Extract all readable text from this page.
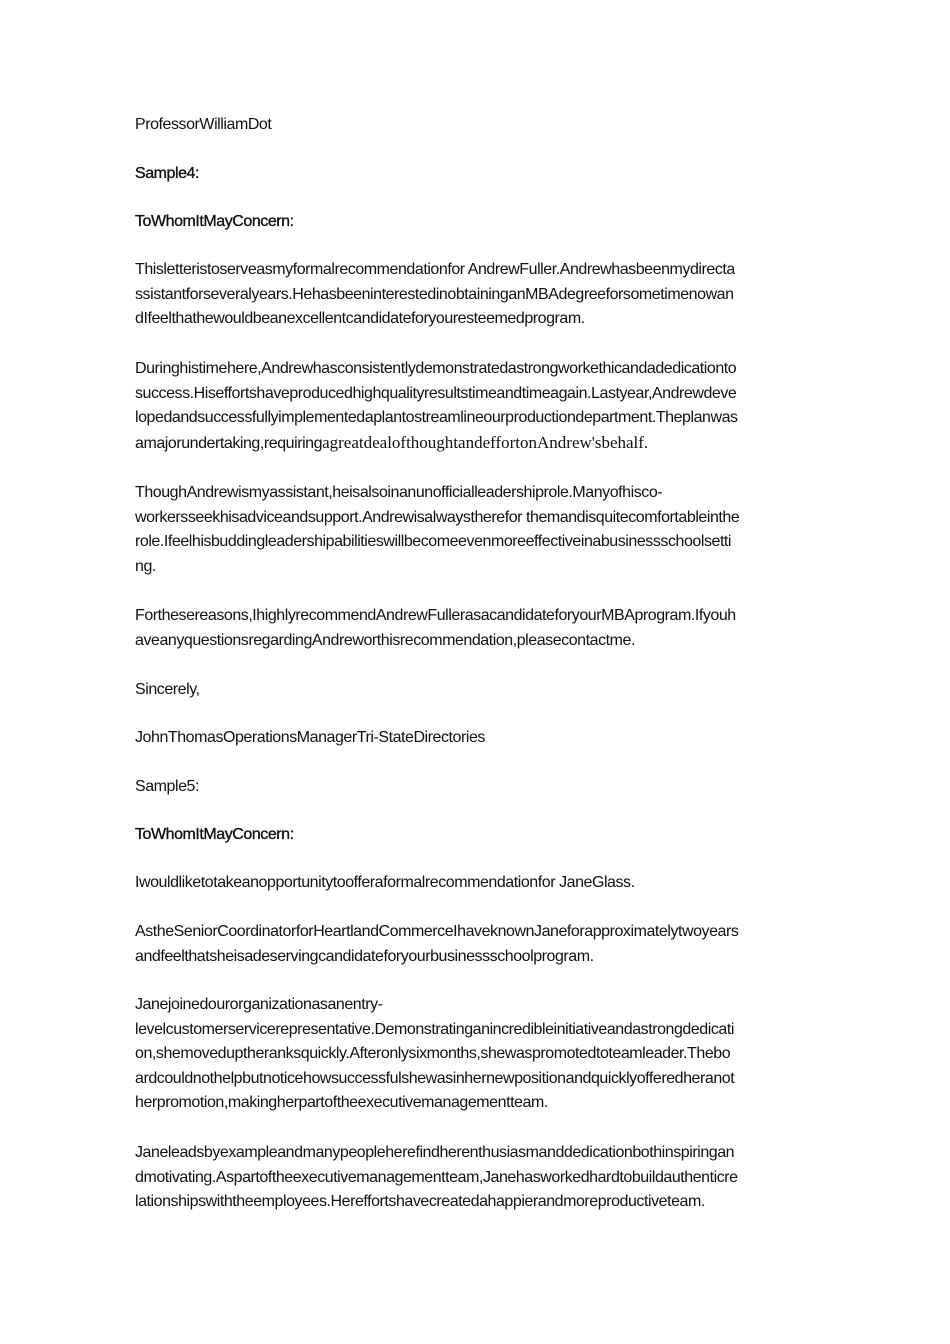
ProfessorWilliamDot

Sample4:

ToWhomItMayConcern:

Thisletteristoserveasmyformalrecommendationfor AndrewFuller.Andrewhasbeenmydirecta
ssistantforseveralyears.HehasbeeninterestedinobtaininganMBAdegreeforsometimenowan
dIfeelthathewouldbeanexcellentcandidateforyouresteemedprogram.
Duringhistimehere,Andrewhasconsistentlydemonstratedastrongworkethicandadedicationto
success.Hiseffortshaveproducedhighqualityresultstimeandtimeagain.Lastyear,Andrewdeve
lopedandsuccessfullyimplementedaplantostreamlineourproductiondepartment.Theplanwas
amajorundertaking,requiringagreatdealofthoughtandeffortonAndrew'sbehalf.
ThoughAndrewismyassistant,heisalsoinanunofficialleadershiprole.Manyofhisco-
workersseekhisadviceandsupport.Andrewisalwaystherefor themandisquitecomfortableinthe
role.Ifeelhisbuddingleadershipabilitieswillbecomeevenmoreeffectiveinabusinessschoolsetti
ng.
Forthesereasons,IhighlyrecommendAndrewFullerasacandidateforyourMBAprogram.Ifyouh
aveanyquestionsregardingAndreworthisrecommendation,pleasecontactme.

Sincerely,

JohnThomasOperationsManagerTri-StateDirectories

Sample5:

ToWhomItMayConcern:

Iwouldliketotakeanopportunitytoofferaformalrecommendationfor JaneGlass.
AstheSeniorCoordinatorforHeartlandCommerceIhaveknownJaneforapproximatelytwoyears
andfeelthatsheisadeservingcandidateforyourbusinessschoolprogram.
Janejoinedourorganizationasanentry-
levelcustomerservicerepresentative.Demonstratinganincredibleinitiativeandastrongdedicati
on,shemoveduptheranksquickly.Afteronlysixmonths,shewaspromotedtoteamleader.Thebo
ardcouldnothelpbutnoticehowsuccessfulshewasinhernewpositionandquicklyofferedheranot
herpromotion,makingherpartoftheexecutivemanagementteam.
Janeleadsbyexampleandmanypeopleherefindherenthusiasmanddedicationbothinspiringan
dmotivating.Aspartoftheexecutivemanagementteam,Janehasworkedhardtobuildauthenticre
lationshipswiththeemployees.Hereffortshavecreatedahappierandmoreproductiveteam.
